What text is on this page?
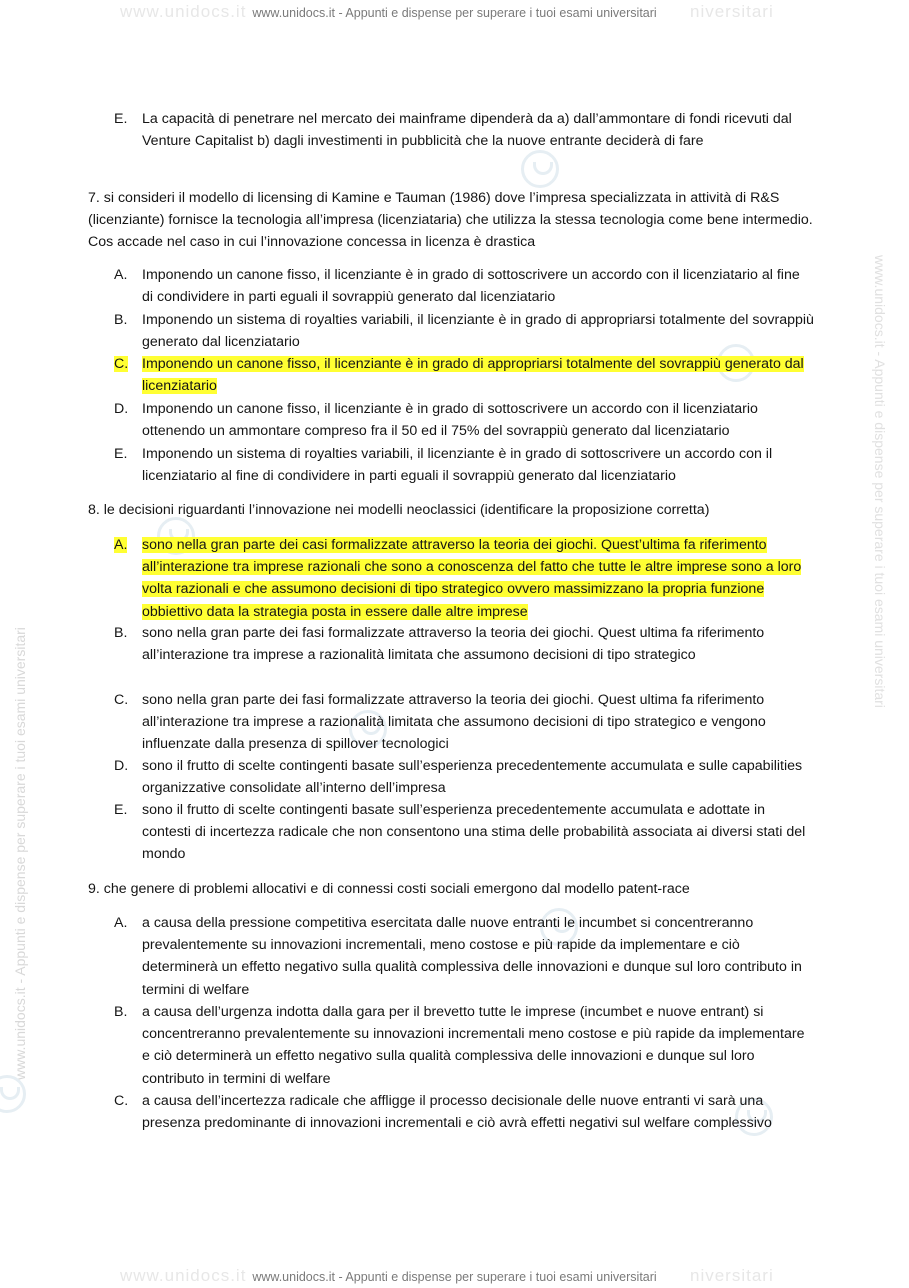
www.unidocs.it	niversitari
www.unidocs.it - Appunti e dispense per superare i tuoi esami universitari
www.unidocs.it - Appunti e dispense per superare i tuoi esami universitari
www.unidocs.it - Appunti e dispense per superare i tuoi esami universitari
E.	La capacità di penetrare nel mercato dei mainframe dipenderà da a) dall’ammontare di fondi ricevuti dal Venture Capitalist b) dagli investimenti in pubblicità che la nuove entrante deciderà di fare
7. si consideri il modello di licensing di Kamine e Tauman (1986) dove l’impresa specializzata in attività di R&S (licenziante) fornisce la tecnologia all’impresa (licenziataria) che utilizza la stessa tecnologia come bene intermedio. Cos accade nel caso in cui l’innovazione concessa in licenza è drastica
A.	Imponendo un canone fisso, il licenziante è in grado di sottoscrivere un accordo con il licenziatario al fine di condividere in parti eguali il sovrappiù generato dal licenziatario
B.	Imponendo un sistema di royalties variabili, il licenziante è in grado di appropriarsi totalmente del sovrappiù generato dal licenziatario
C. Imponendo un canone fisso, il licenziante è in grado di appropriarsi totalmente del sovrappiù generato dal licenziatario
D. Imponendo un canone fisso, il licenziante è in grado di sottoscrivere un accordo con il licenziatario ottenendo un ammontare compreso fra il 50 ed il 75% del sovrappiù generato dal licenziatario
E.	Imponendo un sistema di royalties variabili, il licenziante è in grado di sottoscrivere un accordo con il licenziatario al fine di condividere in parti eguali il sovrappiù generato dal licenziatario
8. le decisioni riguardanti l’innovazione nei modelli neoclassici (identificare la proposizione corretta)
A.	sono nella gran parte dei casi formalizzate attraverso la teoria dei giochi. Quest’ultima fa riferimento all’interazione tra imprese razionali che sono a conoscenza del fatto che tutte le altre imprese sono a loro volta razionali e che assumono decisioni di tipo strategico ovvero massimizzano la propria funzione obbiettivo data la strategia posta in essere dalle altre imprese
B.	sono nella gran parte dei fasi formalizzate attraverso la teoria dei giochi. Quest ultima fa riferimento all’interazione tra imprese a razionalità limitata che assumono decisioni di tipo strategico
C. sono nella gran parte dei fasi formalizzate attraverso la teoria dei giochi. Quest ultima fa riferimento all’interazione tra imprese a razionalità limitata che assumono decisioni di tipo strategico e vengono influenzate dalla presenza di spillover tecnologici
D. sono il frutto di scelte contingenti basate sull’esperienza precedentemente accumulata e sulle capabilities organizzative consolidate all’interno dell’impresa
E.	sono il frutto di scelte contingenti basate sull’esperienza precedentemente accumulata e adottate in contesti di incertezza radicale che non consentono una stima delle probabilità associata ai diversi stati del mondo
9. che genere di problemi allocativi e di connessi costi sociali emergono dal modello patent-race
A.	a causa della pressione competitiva esercitata dalle nuove entranti le incumbet si concentreranno prevalentemente su innovazioni incrementali, meno costose e più rapide da implementare e ciò determinerà un effetto negativo sulla qualità complessiva delle innovazioni e dunque sul loro contributo in termini di welfare
B.	a causa dell’urgenza indotta dalla gara per il brevetto tutte le imprese (incumbet e nuove entrant) si concentreranno prevalentemente su innovazioni incrementali meno costose e più rapide da implementare e ciò determinerà un effetto negativo sulla qualità complessiva delle innovazioni e dunque sul loro contributo in termini di welfare
C. a causa dell’incertezza radicale che affligge il processo decisionale delle nuove entranti vi sarà una presenza predominante di innovazioni incrementali e ciò avrà effetti negativi sul welfare complessivo
www.unidocs.it	niversitari
www.unidocs.it - Appunti e dispense per superare i tuoi esami universitari
